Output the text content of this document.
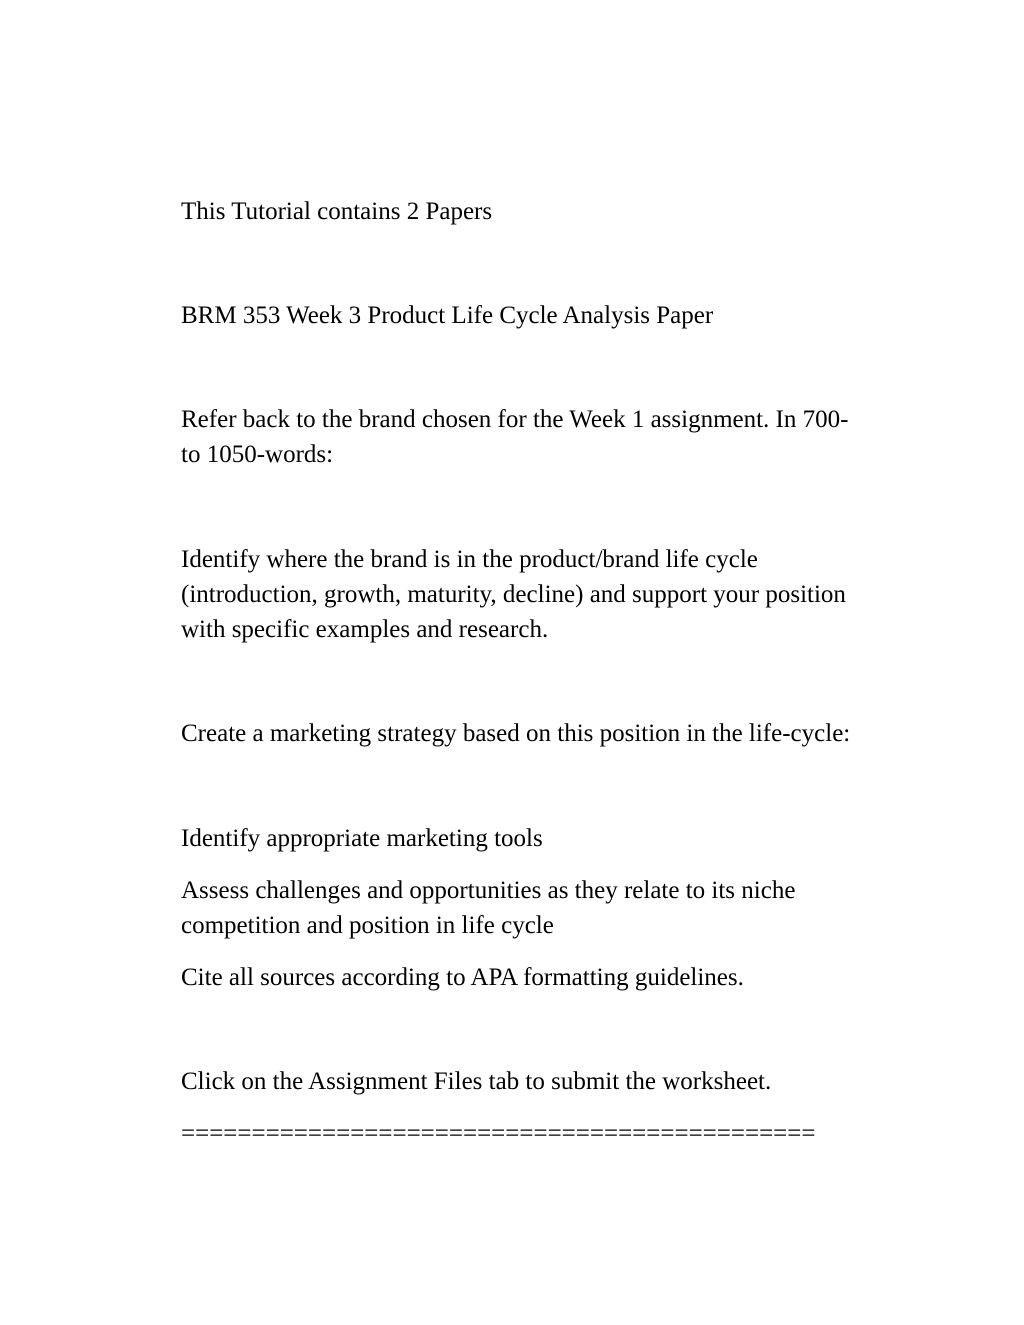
This Tutorial contains 2 Papers
BRM 353 Week 3 Product Life Cycle Analysis Paper
Refer back to the brand chosen for the Week 1 assignment. In 700-
to 1050-words:
Identify where the brand is in the product/brand life cycle
(introduction, growth, maturity, decline) and support your position
with specific examples and research.
Create a marketing strategy based on this position in the life-cycle:
Identify appropriate marketing tools
Assess challenges and opportunities as they relate to its niche
competition and position in life cycle
Cite all sources according to APA formatting guidelines.
Click on the Assignment Files tab to submit the worksheet.
=============================================
